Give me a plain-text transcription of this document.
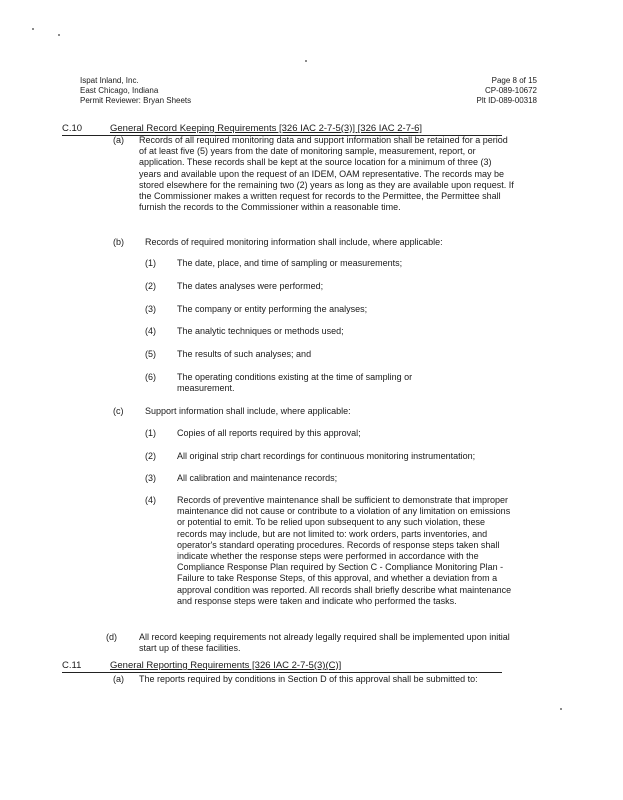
Ispat Inland, Inc.
East Chicago, Indiana
Permit Reviewer: Bryan Sheets
Page 8 of 15
CP-089-10672
Plt ID-089-00318
C.10	General Record Keeping Requirements [326 IAC 2-7-5(3)] [326 IAC 2-7-6]
(a) Records of all required monitoring data and support information shall be retained for a period of at least five (5) years from the date of monitoring sample, measurement, report, or application. These records shall be kept at the source location for a minimum of three (3) years and available upon the request of an IDEM, OAM representative. The records may be stored elsewhere for the remaining two (2) years as long as they are available upon request. If the Commissioner makes a written request for records to the Permittee, the Permittee shall furnish the records to the Commissioner within a reasonable time.
(b) Records of required monitoring information shall include, where applicable:
(1) The date, place, and time of sampling or measurements;
(2) The dates analyses were performed;
(3) The company or entity performing the analyses;
(4) The analytic techniques or methods used;
(5) The results of such analyses; and
(6) The operating conditions existing at the time of sampling or measurement.
(c) Support information shall include, where applicable:
(1) Copies of all reports required by this approval;
(2) All original strip chart recordings for continuous monitoring instrumentation;
(3) All calibration and maintenance records;
(4) Records of preventive maintenance shall be sufficient to demonstrate that improper maintenance did not cause or contribute to a violation of any limitation on emissions or potential to emit. To be relied upon subsequent to any such violation, these records may include, but are not limited to: work orders, parts inventories, and operator's standard operating procedures. Records of response steps taken shall indicate whether the response steps were performed in accordance with the Compliance Response Plan required by Section C - Compliance Monitoring Plan - Failure to take Response Steps, of this approval, and whether a deviation from a approval condition was reported. All records shall briefly describe what maintenance and response steps were taken and indicate who performed the tasks.
(d) All record keeping requirements not already legally required shall be implemented upon initial start up of these facilities.
C.11	General Reporting Requirements [326 IAC 2-7-5(3)(C)]
(a) The reports required by conditions in Section D of this approval shall be submitted to:
